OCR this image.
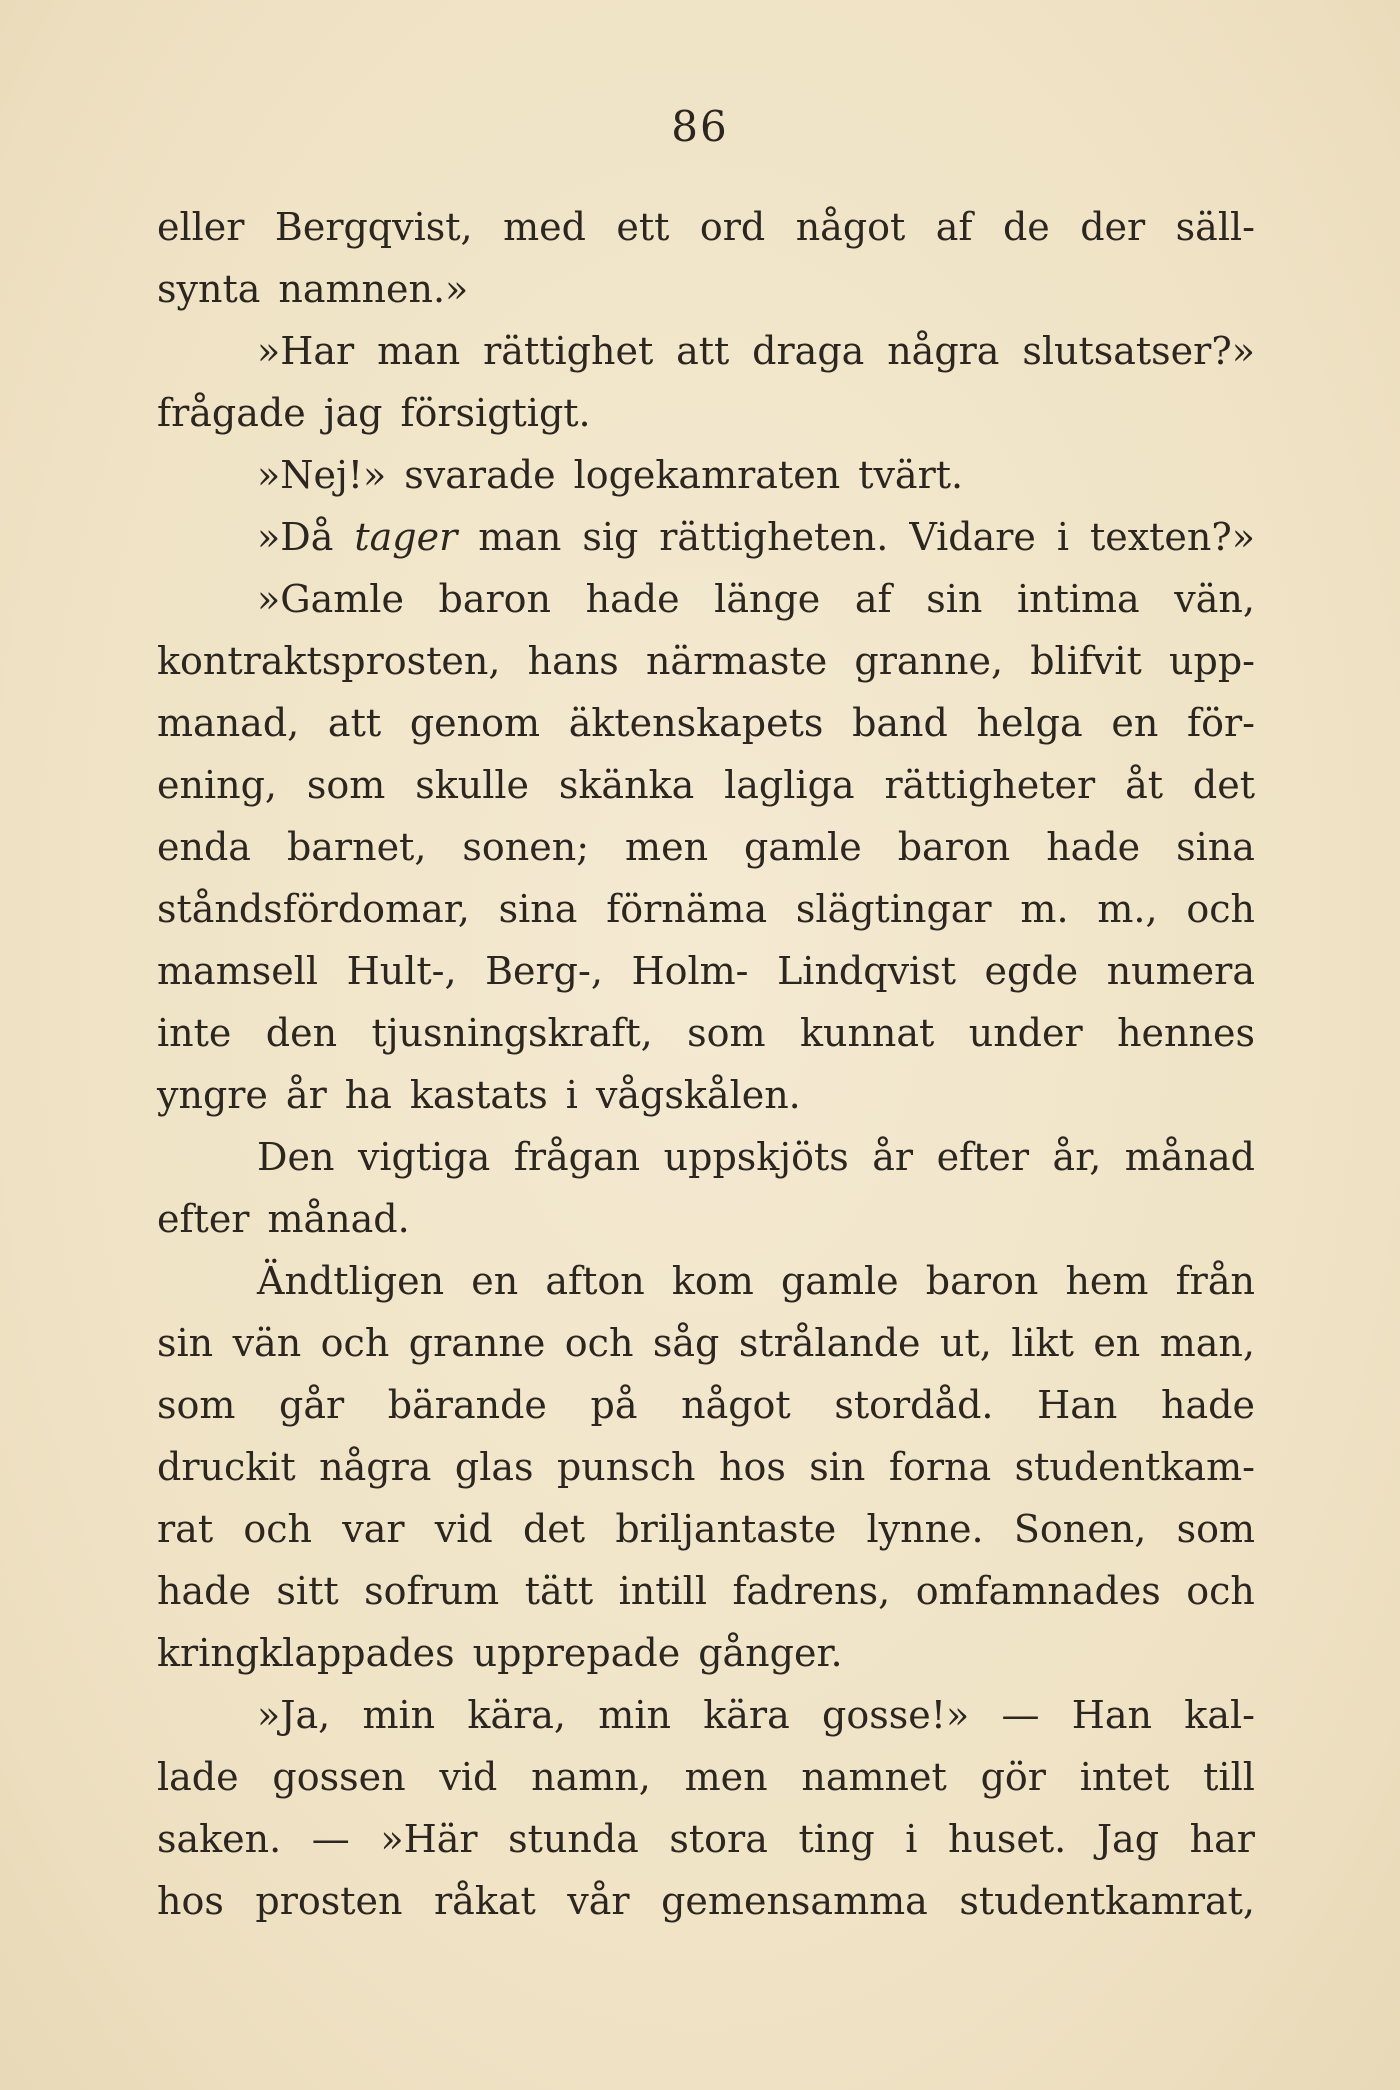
86
eller Bergqvist, med ett ord något af de der säll-
synta namnen.»
»Har man rättighet att draga några slutsatser?»
frågade jag försigtigt.
»Nej!» svarade logekamraten tvärt.
»Då tager man sig rättigheten. Vidare i texten?»
»Gamle baron hade länge af sin intima vän,
kontraktsprosten, hans närmaste granne, blifvit upp-
manad, att genom äktenskapets band helga en för-
ening, som skulle skänka lagliga rättigheter åt det
enda barnet, sonen; men gamle baron hade sina
ståndsfördomar, sina förnäma slägtingar m. m., och
mamsell Hult-, Berg-, Holm- Lindqvist egde numera
inte den tjusningskraft, som kunnat under hennes
yngre år ha kastats i vågskålen.
Den vigtiga frågan uppskjöts år efter år, månad
efter månad.
Ändtligen en afton kom gamle baron hem från
sin vän och granne och såg strålande ut, likt en man,
som går bärande på något stordåd. Han hade
druckit några glas punsch hos sin forna studentkam-
rat och var vid det briljantaste lynne. Sonen, som
hade sitt sofrum tätt intill fadrens, omfamnades och
kringklappades upprepade gånger.
»Ja, min kära, min kära gosse!» — Han kal-
lade gossen vid namn, men namnet gör intet till
saken. — »Här stunda stora ting i huset. Jag har
hos prosten råkat vår gemensamma studentkamrat,
